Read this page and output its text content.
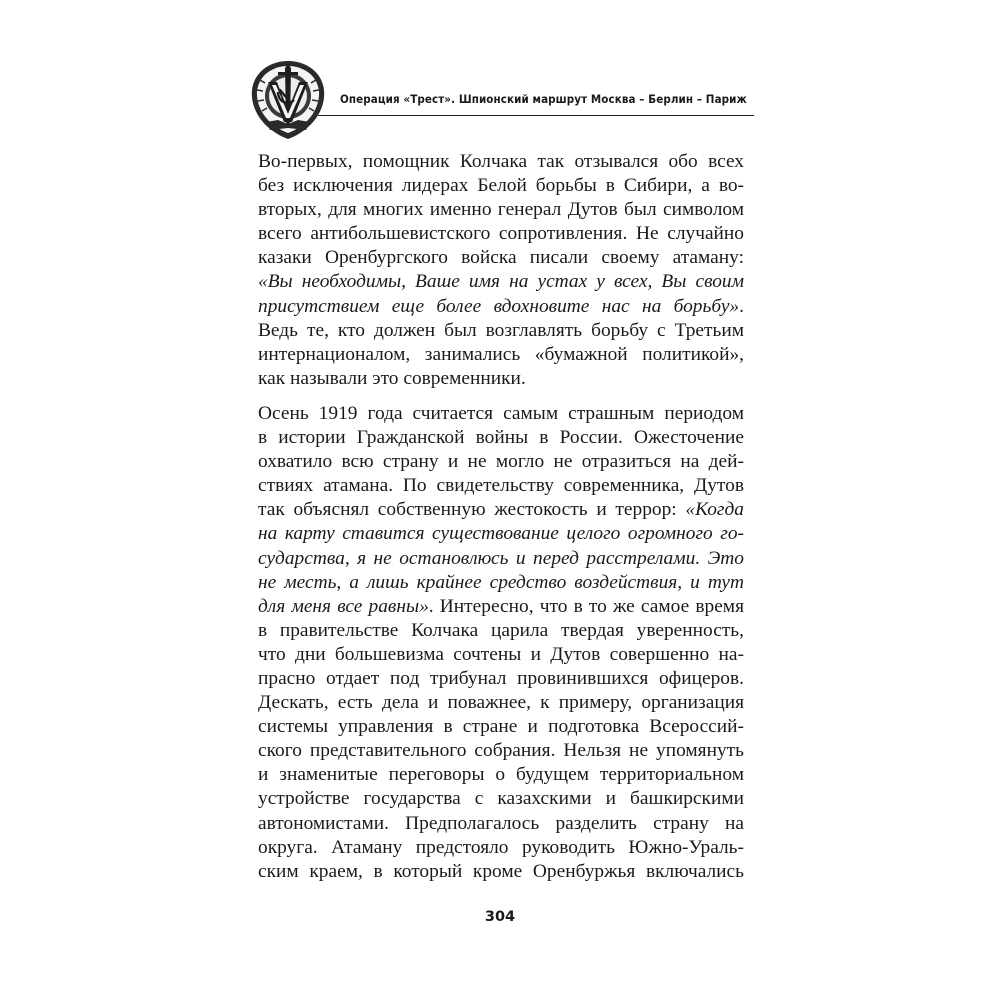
Операция «Трест». Шпионский маршрут Москва – Берлин – Париж

Во-первых, помощник Колчака так отзывался обо всех
без исключения лидерах Белой борьбы в Сибири, а во-
вторых, для многих именно генерал Дутов был символом
всего антибольшевистского сопротивления. Не случайно
казаки Оренбургского войска писали своему атаману:
«Вы необходимы, Ваше имя на устах у всех, Вы своим
присутствием еще более вдохновите нас на борьбу».
Ведь те, кто должен был возглавлять борьбу с Третьим
интернационалом, занимались «бумажной политикой»,
как называли это современники.

Осень 1919 года считается самым страшным периодом
в истории Гражданской войны в России. Ожесточение
охватило всю страну и не могло не отразиться на дей-
ствиях атамана. По свидетельству современника, Дутов
так объяснял собственную жестокость и террор: «Когда
на карту ставится существование целого огромного го-
сударства, я не остановлюсь и перед расстрелами. Это
не месть, а лишь крайнее средство воздействия, и тут
для меня все равны». Интересно, что в то же самое время
в правительстве Колчака царила твердая уверенность,
что дни большевизма сочтены и Дутов совершенно на-
прасно отдает под трибунал провинившихся офицеров.
Дескать, есть дела и поважнее, к примеру, организация
системы управления в стране и подготовка Всероссий-
ского представительного собрания. Нельзя не упомянуть
и знаменитые переговоры о будущем территориальном
устройстве государства с казахскими и башкирскими
автономистами. Предполагалось разделить страну на
округа. Атаману предстояло руководить Южно-Ураль-
ским краем, в который кроме Оренбуржья включались

304
